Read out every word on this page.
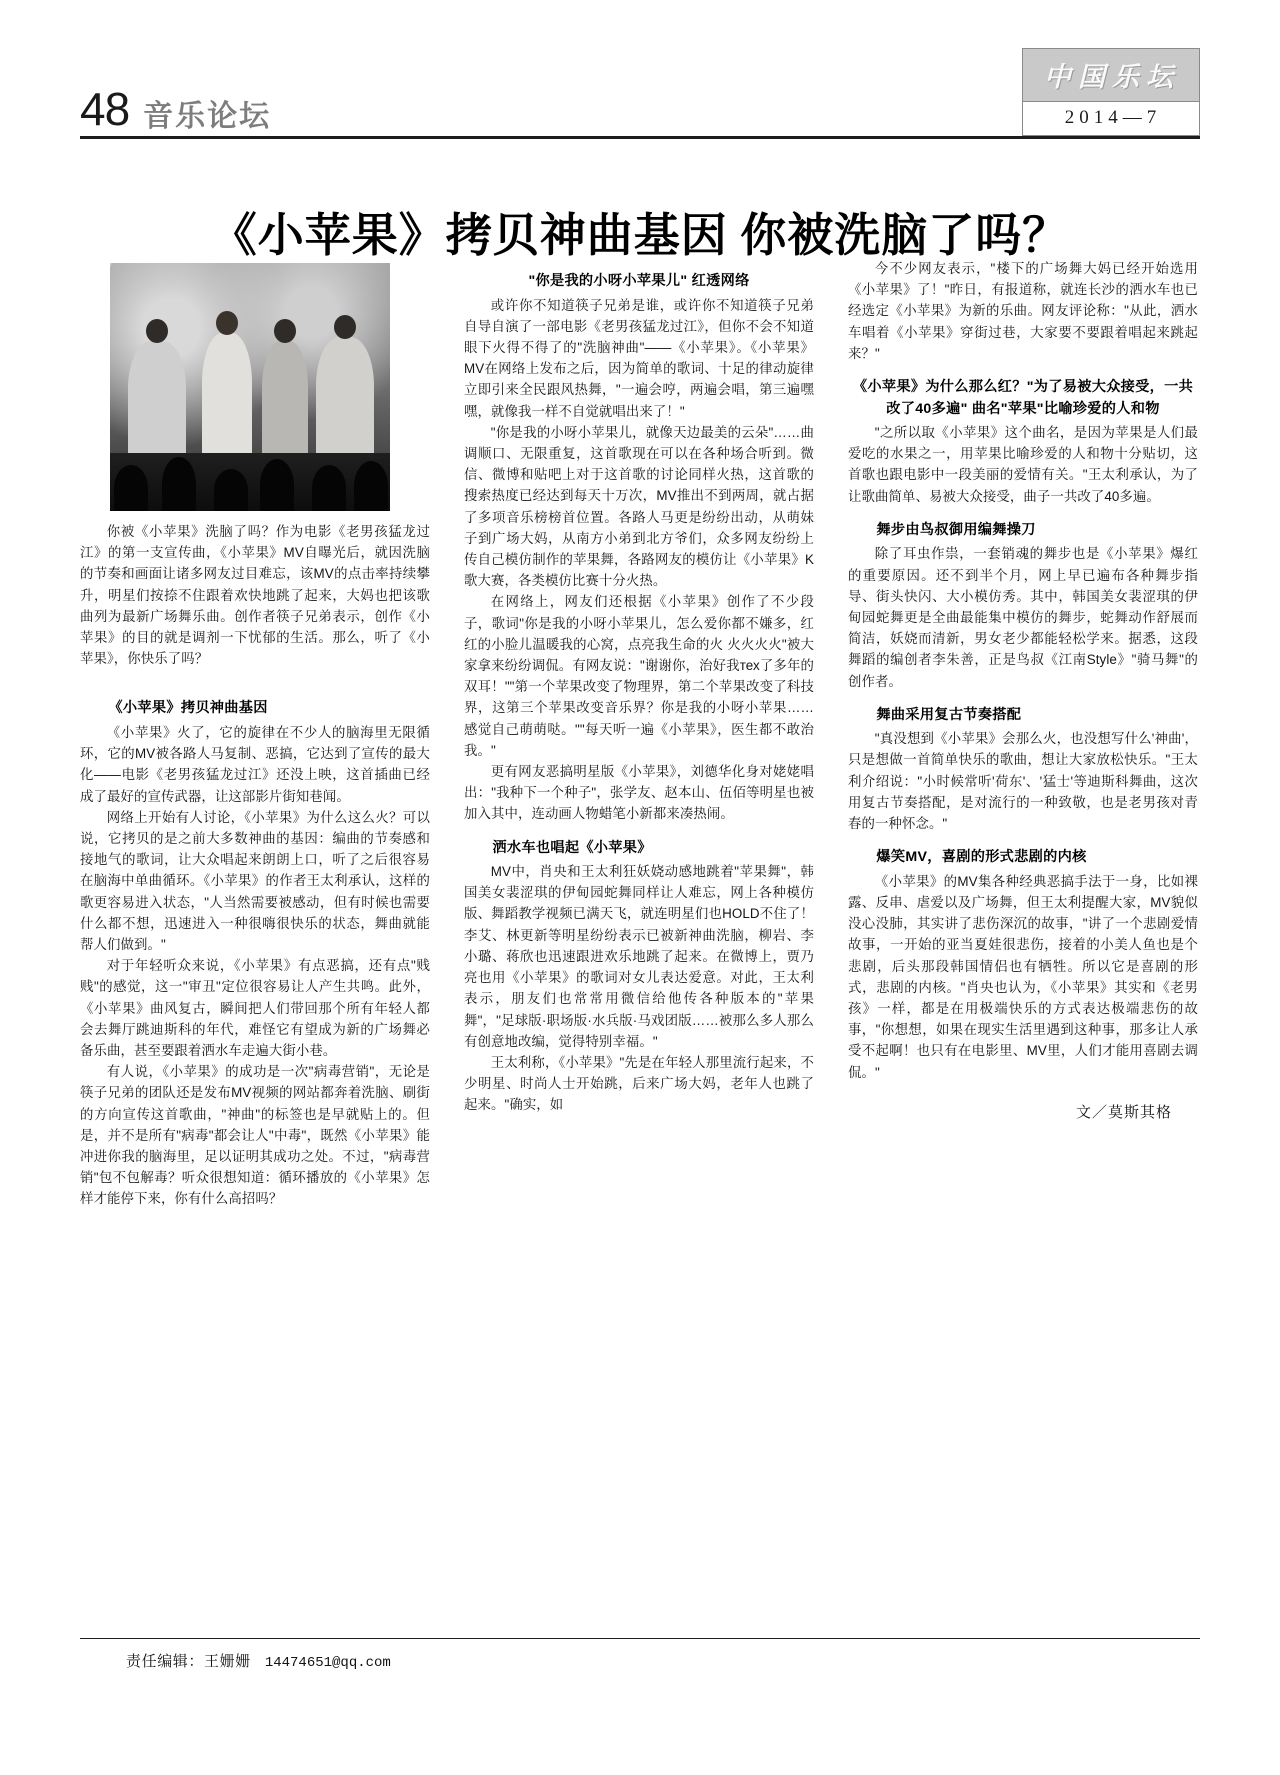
48 音乐论坛
中国乐坛
2014—7
《小苹果》拷贝神曲基因 你被洗脑了吗？

你被《小苹果》洗脑了吗？作为电影《老男孩猛龙过江》的第一支宣传曲，《小苹果》MV自曝光后，就因洗脑的节奏和画面让诸多网友过目难忘，该MV的点击率持续攀升，明星们按捺不住跟着欢快地跳了起来，大妈也把该歌曲列为最新广场舞乐曲。创作者筷子兄弟表示，创作《小苹果》的目的就是调剂一下忧郁的生活。那么，听了《小苹果》，你快乐了吗？

《小苹果》拷贝神曲基因

《小苹果》火了，它的旋律在不少人的脑海里无限循环，它的MV被各路人马复制、恶搞，它达到了宣传的最大化——电影《老男孩猛龙过江》还没上映，这首插曲已经成了最好的宣传武器，让这部影片街知巷闻。

网络上开始有人讨论，《小苹果》为什么这么火？可以说，它拷贝的是之前大多数神曲的基因：编曲的节奏感和接地气的歌词，让大众唱起来朗朗上口，听了之后很容易在脑海中单曲循环。《小苹果》的作者王太利承认，这样的歌更容易进入状态，"人当然需要被感动，但有时候也需要什么都不想，迅速进入一种很嗨很快乐的状态，舞曲就能帮人们做到。"

对于年轻听众来说，《小苹果》有点恶搞，还有点"贱贱"的感觉，这一"审丑"定位很容易让人产生共鸣。此外，《小苹果》曲风复古，瞬间把人们带回那个所有年轻人都会去舞厅跳迪斯科的年代，难怪它有望成为新的广场舞必备乐曲，甚至要跟着洒水车走遍大街小巷。

有人说，《小苹果》的成功是一次"病毒营销"，无论是筷子兄弟的团队还是发布MV视频的网站都奔着洗脑、刷街的方向宣传这首歌曲，"神曲"的标签也是早就贴上的。但是，并不是所有"病毒"都会让人"中毒"，既然《小苹果》能冲进你我的脑海里，足以证明其成功之处。不过，"病毒营销"包不包解毒？听众很想知道：循环播放的《小苹果》怎样才能停下来，你有什么高招吗？

"你是我的小呀小苹果儿" 红透网络

或许你不知道筷子兄弟是谁，或许你不知道筷子兄弟自导自演了一部电影《老男孩猛龙过江》，但你不会不知道眼下火得不得了的"洗脑神曲"——《小苹果》。《小苹果》MV在网络上发布之后，因为简单的歌词、十足的律动旋律立即引来全民跟风热舞，"一遍会哼，两遍会唱，第三遍嘿嘿，就像我一样不自觉就唱出来了！"

"你是我的小呀小苹果儿，就像天边最美的云朵"……曲调顺口、无限重复，这首歌现在可以在各种场合听到。微信、微博和贴吧上对于这首歌的讨论同样火热，这首歌的搜索热度已经达到每天十万次，MV推出不到两周，就占据了多项音乐榜榜首位置。各路人马更是纷纷出动，从萌妹子到广场大妈，从南方小弟到北方爷们，众多网友纷纷上传自己模仿制作的苹果舞，各路网友的模仿让《小苹果》K歌大赛，各类模仿比赛十分火热。

在网络上，网友们还根据《小苹果》创作了不少段子，歌词"你是我的小呀小苹果儿，怎么爱你都不嫌多，红红的小脸儿温暖我的心窝，点亮我生命的火 火火火火"被大家拿来纷纷调侃。有网友说："谢谢你，治好我тех了多年的双耳！""第一个苹果改变了物理界，第二个苹果改变了科技界，这第三个苹果改变音乐界？你是我的小呀小苹果……感觉自己萌萌哒。""每天听一遍《小苹果》，医生都不敢治我。"

更有网友恶搞明星版《小苹果》，刘德华化身对姥姥唱出："我种下一个种子"，张学友、赵本山、伍佰等明星也被加入其中，连动画人物蜡笔小新都来凑热闹。

洒水车也唱起《小苹果》

MV中，肖央和王太利狂妖娆动感地跳着"苹果舞"，韩国美女裴涩琪的伊甸园蛇舞同样让人难忘，网上各种模仿版、舞蹈教学视频已满天飞，就连明星们也HOLD不住了！李艾、林更新等明星纷纷表示已被新神曲洗脑，柳岩、李小璐、蒋欣也迅速跟进欢乐地跳了起来。在微博上，贾乃亮也用《小苹果》的歌词对女儿表达爱意。对此，王太利表示，朋友们也常常用微信给他传各种版本的"苹果舞"，"足球版·职场版·水兵版·马戏团版……被那么多人那么有创意地改编，觉得特别幸福。"

王太利称，《小苹果》"先是在年轻人那里流行起来，不少明星、时尚人士开始跳，后来广场大妈，老年人也跳了起来。"确实，如

今不少网友表示，"楼下的广场舞大妈已经开始选用《小苹果》了！"昨日，有报道称，就连长沙的洒水车也已经选定《小苹果》为新的乐曲。网友评论称："从此，洒水车唱着《小苹果》穿街过巷，大家要不要跟着唱起来跳起来？"

《小苹果》为什么那么红？"为了易被大众接受，一共改了40多遍" 曲名"苹果"比喻珍爱的人和物

"之所以取《小苹果》这个曲名，是因为苹果是人们最爱吃的水果之一，用苹果比喻珍爱的人和物十分贴切，这首歌也跟电影中一段美丽的爱情有关。"王太利承认，为了让歌曲简单、易被大众接受，曲子一共改了40多遍。

舞步由鸟叔御用编舞操刀

除了耳虫作祟，一套销魂的舞步也是《小苹果》爆红的重要原因。还不到半个月，网上早已遍布各种舞步指导、街头快闪、大小模仿秀。其中，韩国美女裴涩琪的伊甸园蛇舞更是全曲最能集中模仿的舞步，蛇舞动作舒展而简洁，妖娆而清新，男女老少都能轻松学来。据悉，这段舞蹈的编创者李朱善，正是鸟叔《江南Style》"骑马舞"的创作者。

舞曲采用复古节奏搭配

"真没想到《小苹果》会那么火，也没想写什么'神曲'，只是想做一首简单快乐的歌曲，想让大家放松快乐。"王太利介绍说："小时候常听'荷东'、'猛士'等迪斯科舞曲，这次用复古节奏搭配，是对流行的一种致敬，也是老男孩对青春的一种怀念。"

爆笑MV，喜剧的形式悲剧的内核

《小苹果》的MV集各种经典恶搞手法于一身，比如裸露、反串、虐爱以及广场舞，但王太利提醒大家，MV貌似没心没肺，其实讲了悲伤深沉的故事，"讲了一个悲剧爱情故事，一开始的亚当夏娃很悲伤，接着的小美人鱼也是个悲剧，后头那段韩国情侣也有牺牲。所以它是喜剧的形式，悲剧的内核。"肖央也认为，《小苹果》其实和《老男孩》一样，都是在用极端快乐的方式表达极端悲伤的故事，"你想想，如果在现实生活里遇到这种事，那多让人承受不起啊！也只有在电影里、MV里，人们才能用喜剧去调侃。"

文／莫斯其格
责任编辑：王姗姗 14474651@qq.com
